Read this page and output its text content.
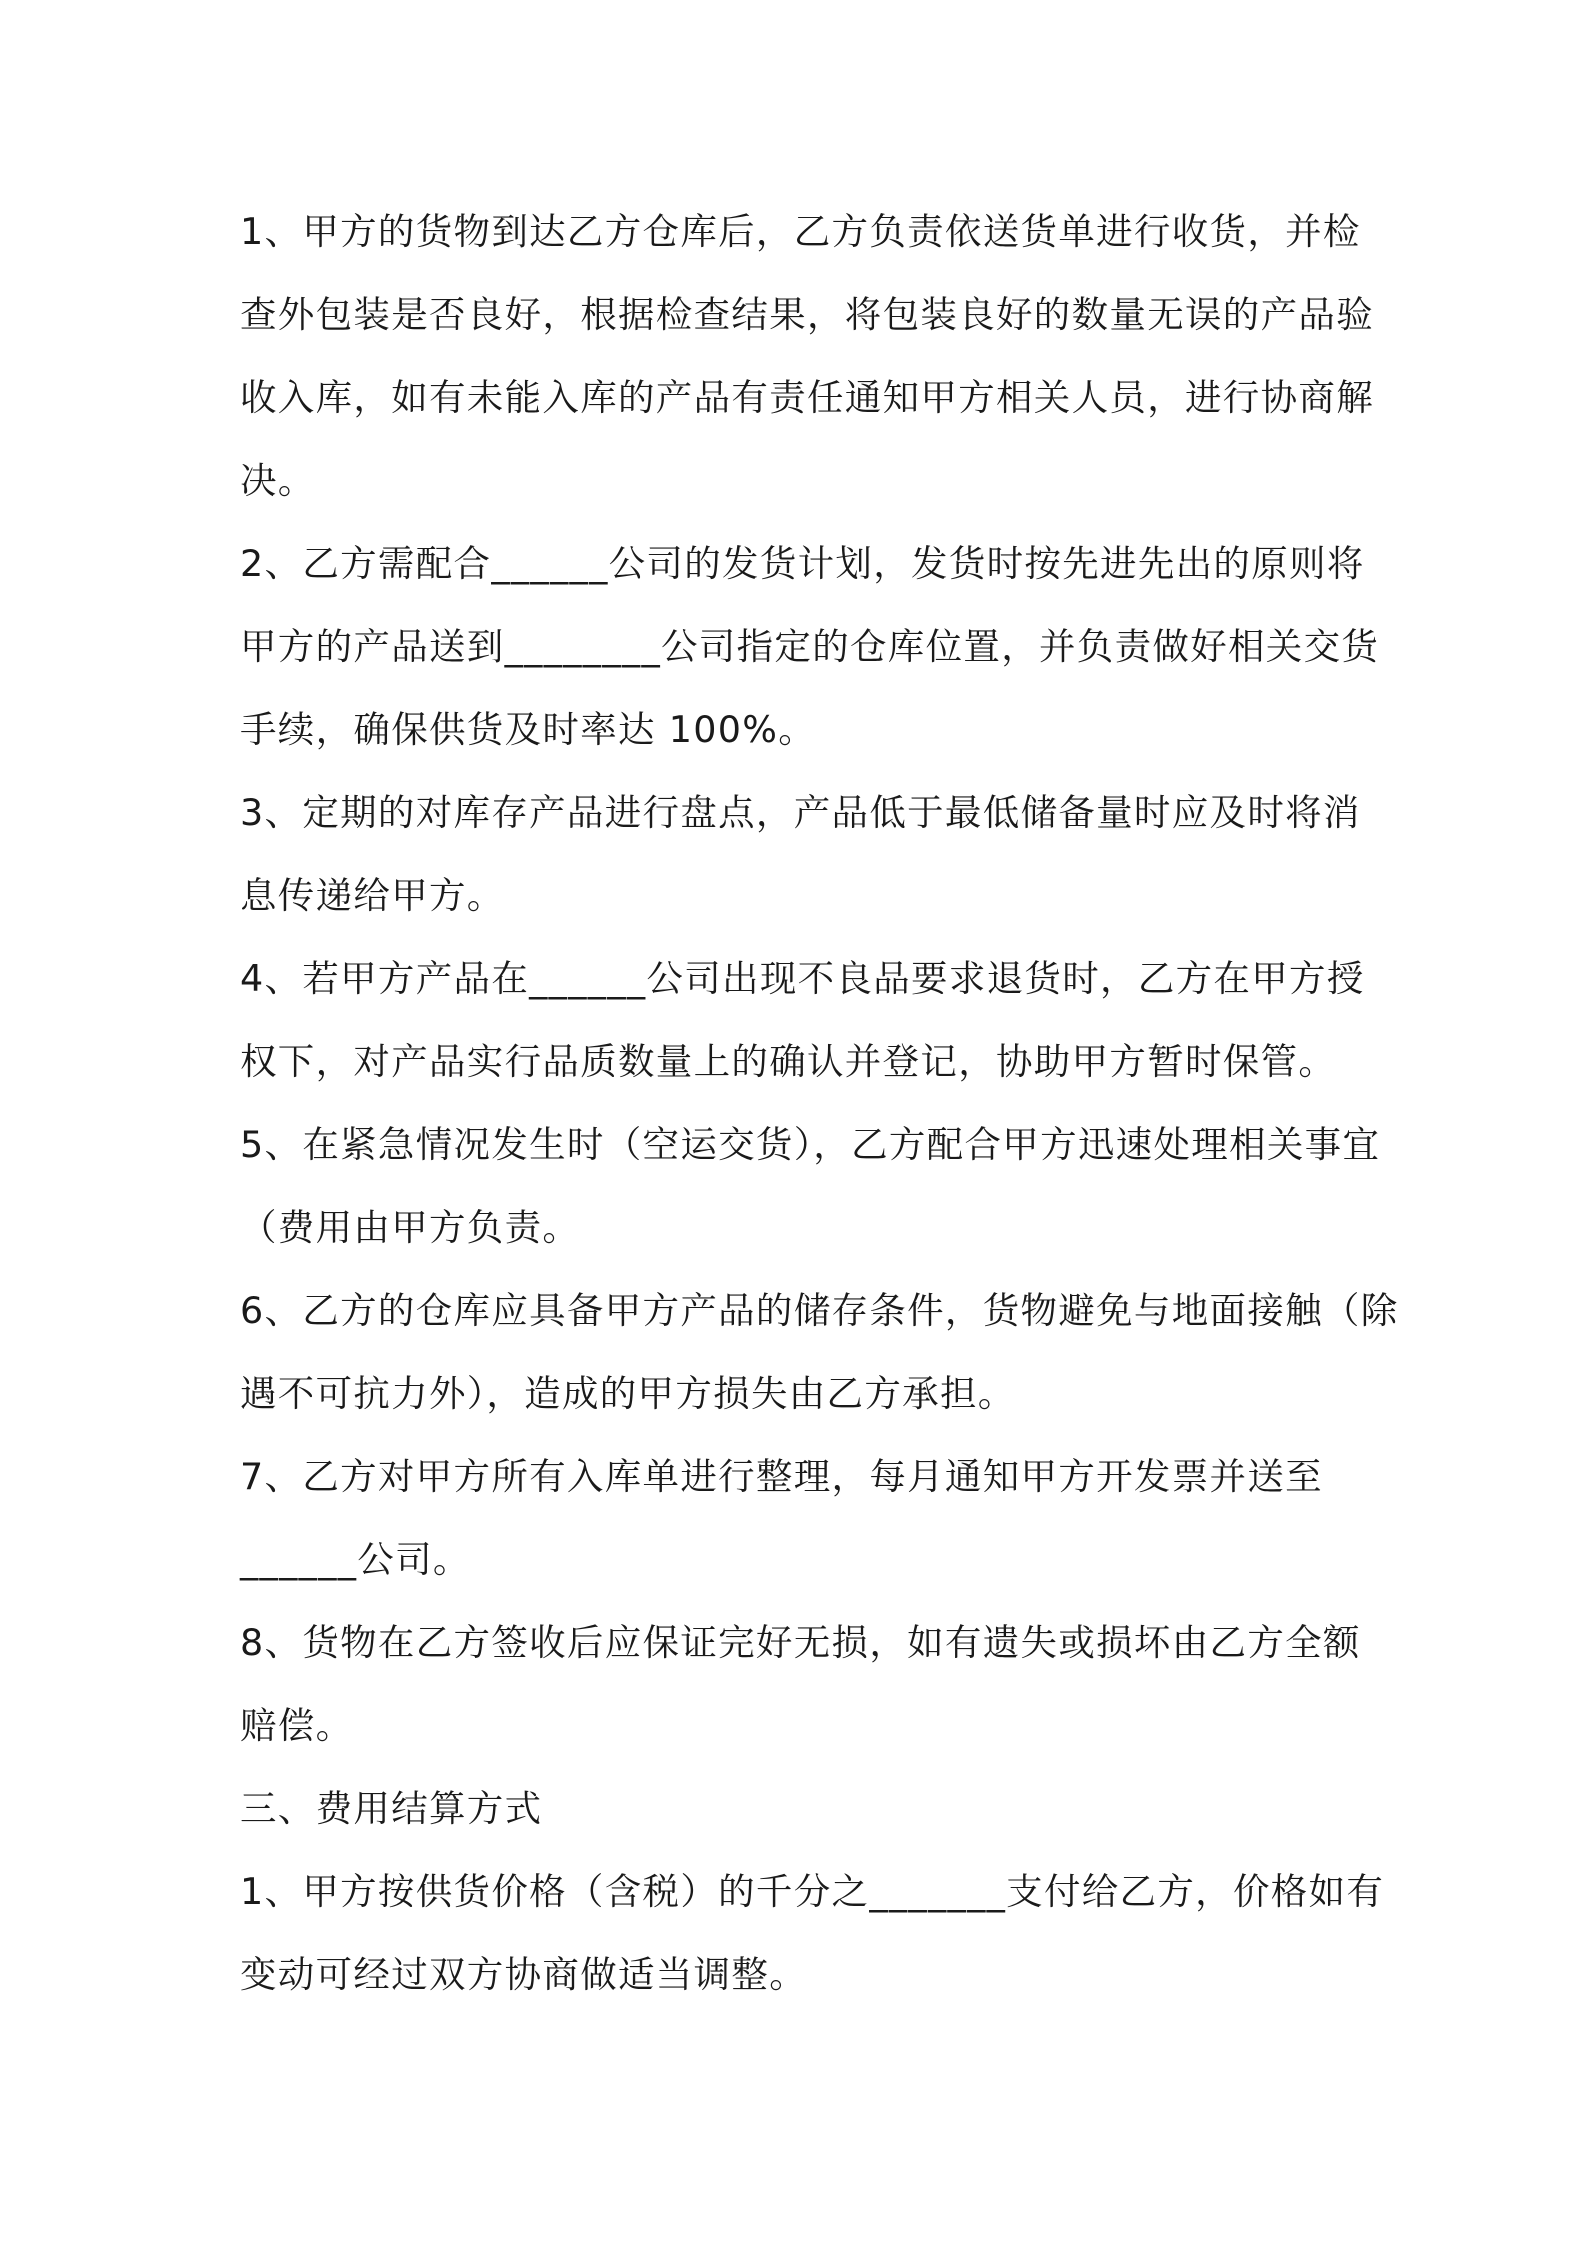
1、甲方的货物到达乙方仓库后，乙方负责依送货单进行收货，并检
查外包装是否良好，根据检查结果，将包装良好的数量无误的产品验
收入库，如有未能入库的产品有责任通知甲方相关人员，进行协商解
决。

2、乙方需配合______公司的发货计划，发货时按先进先出的原则将
甲方的产品送到________公司指定的仓库位置，并负责做好相关交货
手续，确保供货及时率达 100%。

3、定期的对库存产品进行盘点，产品低于最低储备量时应及时将消
息传递给甲方。

4、若甲方产品在______公司出现不良品要求退货时，乙方在甲方授
权下，对产品实行品质数量上的确认并登记，协助甲方暂时保管。

5、在紧急情况发生时（空运交货），乙方配合甲方迅速处理相关事宜
（费用由甲方负责。

6、乙方的仓库应具备甲方产品的储存条件，货物避免与地面接触（除
遇不可抗力外），造成的甲方损失由乙方承担。

7、乙方对甲方所有入库单进行整理，每月通知甲方开发票并送至
______公司。

8、货物在乙方签收后应保证完好无损，如有遗失或损坏由乙方全额
赔偿。

三、费用结算方式

1、甲方按供货价格（含税）的千分之_______支付给乙方，价格如有
变动可经过双方协商做适当调整。
